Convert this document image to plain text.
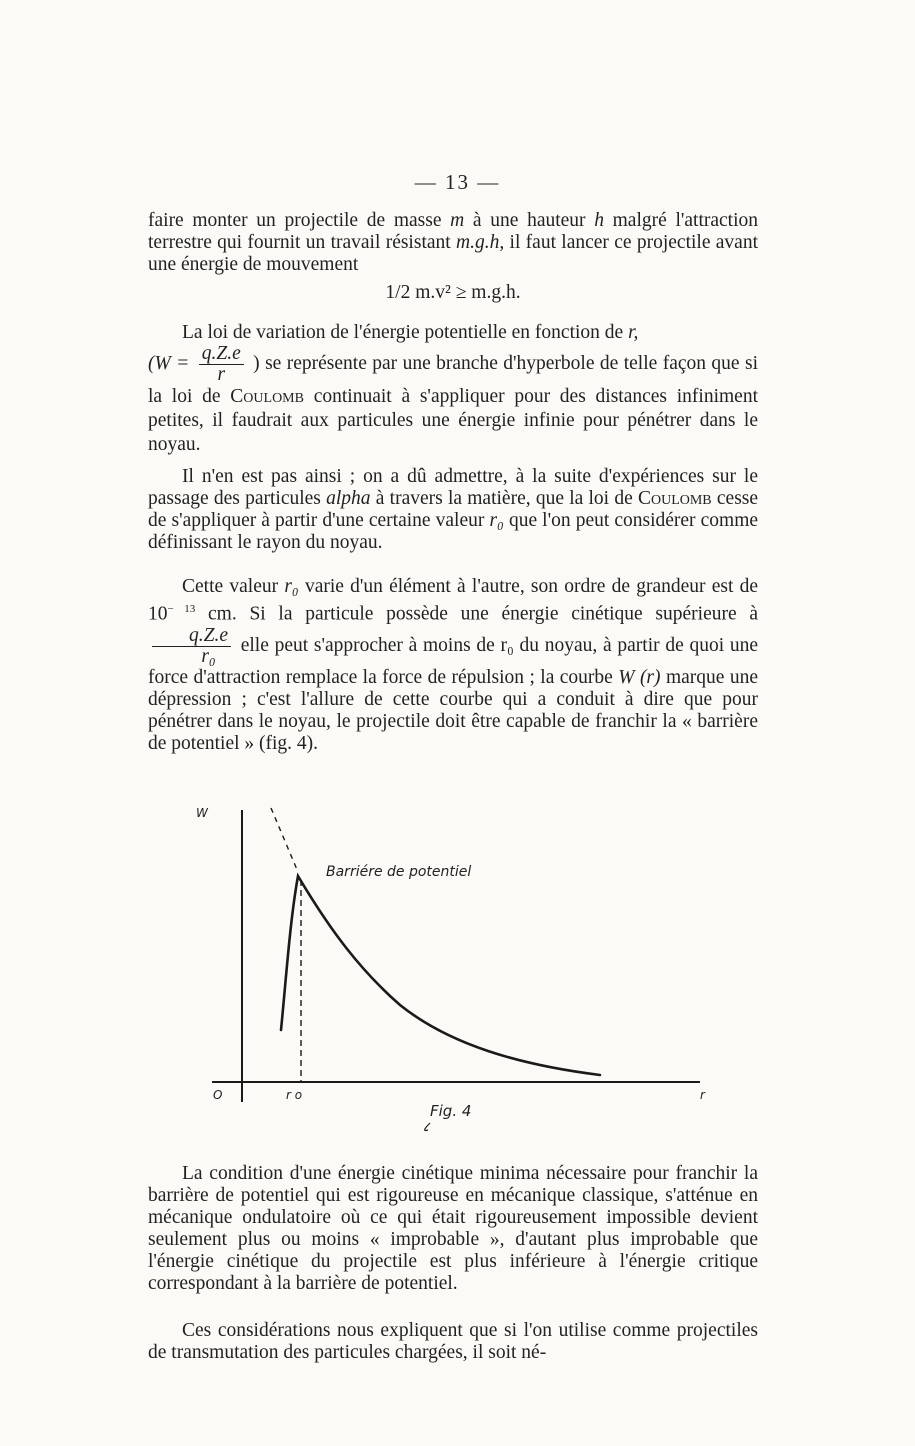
— 13 —
faire monter un projectile de masse m à une hauteur h malgré l'attraction terrestre qui fournit un travail résistant m.g.h, il faut lancer ce projectile avant une énergie de mouvement
1/2 m.v² ≥ m.g.h.
La loi de variation de l'énergie potentielle en fonction de r,
($W = \frac{q.Z.e}{r}$ ) se représente par une branche d'hyperbole de telle façon que si la loi de Coulomb continuait à s'appliquer pour des distances infiniment petites, il faudrait aux particules une énergie infinie pour pénétrer dans le noyau.
Il n'en est pas ainsi ; on a dû admettre, à la suite d'expériences sur le passage des particules alpha à travers la matière, que la loi de Coulomb cesse de s'appliquer à partir d'une certaine valeur r₀ que l'on peut considérer comme définissant le rayon du noyau.
Cette valeur r₀ varie d'un élément à l'autre, son ordre de grandeur est de $10^{- 13}$ cm. Si la particule possède une énergie cinétique supérieure à
$\frac{q.Z.e}{\text{r₀}}$ elle peut s'approcher à moins de r₀ du noyau, à partir de quoi une force d'attraction remplace la force de répulsion ; la courbe W (r) marque une dépression ; c'est l'allure de cette courbe qui a conduit à dire que pour pénétrer dans le noyau, le projectile doit être capable de franchir la « barrière de potentiel » (fig. 4).
W
r
O	r o
Barriére de potentiel
Fig. 4
La condition d'une énergie cinétique minima nécessaire pour franchir la barrière de potentiel qui est rigoureuse en mécanique classique, s'atténue en mécanique ondulatoire où ce qui était rigoureusement impossible devient seulement plus ou moins « improbable », d'autant plus improbable que l'énergie cinétique du projectile est plus inférieure à l'énergie critique correspondant à la barrière de potentiel.
Ces considérations nous expliquent que si l'on utilise comme projectiles de transmutation des particules chargées, il soit né-
